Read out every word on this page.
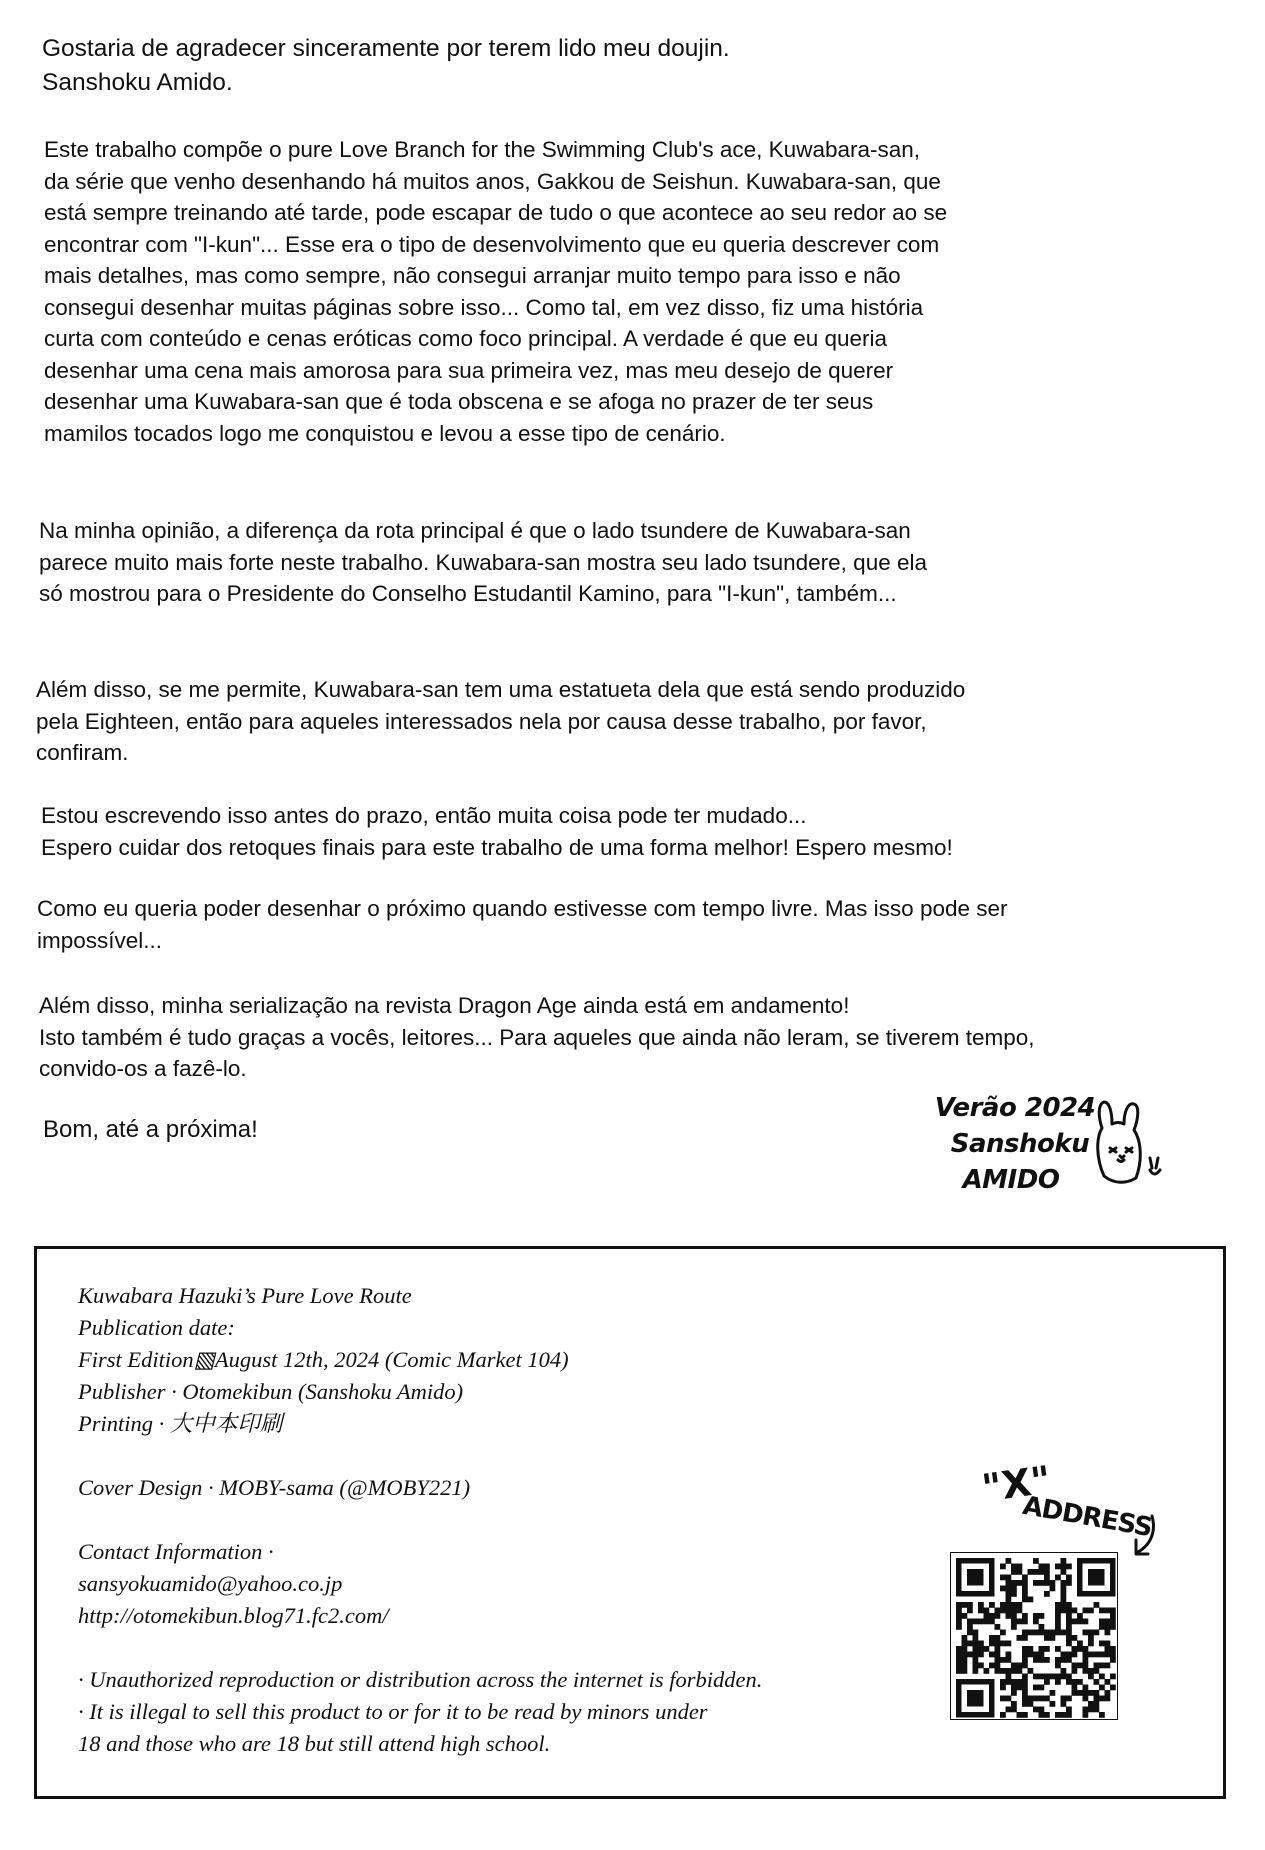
Gostaria de agradecer sinceramente por terem lido meu doujin.
Sanshoku Amido.
Este trabalho compõe o pure Love Branch for the Swimming Club's ace, Kuwabara-san,
da série que venho desenhando há muitos anos, Gakkou de Seishun. Kuwabara-san, que
está sempre treinando até tarde, pode escapar de tudo o que acontece ao seu redor ao se
encontrar com "I-kun"... Esse era o tipo de desenvolvimento que eu queria descrever com
mais detalhes, mas como sempre, não consegui arranjar muito tempo para isso e não
consegui desenhar muitas páginas sobre isso... Como tal, em vez disso, fiz uma história
curta com conteúdo e cenas eróticas como foco principal. A verdade é que eu queria
desenhar uma cena mais amorosa para sua primeira vez, mas meu desejo de querer
desenhar uma Kuwabara-san que é toda obscena e se afoga no prazer de ter seus
mamilos tocados logo me conquistou e levou a esse tipo de cenário.
Na minha opinião, a diferença da rota principal é que o lado tsundere de Kuwabara-san
parece muito mais forte neste trabalho. Kuwabara-san mostra seu lado tsundere, que ela
só mostrou para o Presidente do Conselho Estudantil Kamino, para "I-kun", também...
Além disso, se me permite, Kuwabara-san tem uma estatueta dela que está sendo produzido
pela Eighteen, então para aqueles interessados nela por causa desse trabalho, por favor,
confiram.
Estou escrevendo isso antes do prazo, então muita coisa pode ter mudado...
Espero cuidar dos retoques finais para este trabalho de uma forma melhor! Espero mesmo!
Como eu queria poder desenhar o próximo quando estivesse com tempo livre. Mas isso pode ser
impossível...
Além disso, minha serialização na revista Dragon Age ainda está em andamento!
Isto também é tudo graças a vocês, leitores... Para aqueles que ainda não leram, se tiverem tempo,
convido-os a fazê-lo.
Bom, até a próxima!
Verão 2024
Sanshoku
AMIDO
Kuwabara Hazuki’s Pure Love Route
Publication date:
First Edition▧August 12th, 2024 (Comic Market 104)
Publisher · Otomekibun (Sanshoku Amido)
Printing · 大中本印刷
Cover Design · MOBY-sama (@MOBY221)
Contact Information ·
sansyokuamido@yahoo.co.jp
http://otomekibun.blog71.fc2.com/
· Unauthorized reproduction or distribution across the internet is forbidden.
· It is illegal to sell this product to or for it to be read by minors under
18 and those who are 18 but still attend high school.
"X"
ADDRESS
